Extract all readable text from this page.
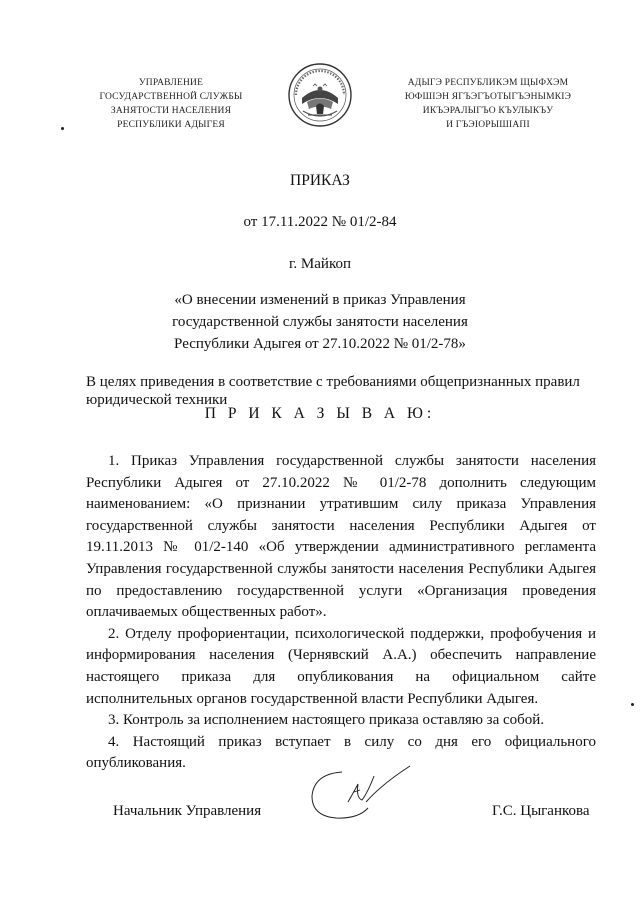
УПРАВЛЕНИЕ
ГОСУДАРСТВЕННОЙ СЛУЖБЫ
ЗАНЯТОСТИ НАСЕЛЕНИЯ
РЕСПУБЛИКИ АДЫГЕЯ
АДЫГЭ РЕСПУБЛИКЭМ ЩЫФХЭМ
ЮФШІЭН ЯГЪЭГЪОТЫГЪЭНЫМКІЭ
ИКЪЭРАЛЫГЪО КЪУЛЫКЪУ
И ГЪЭІОРЫШІАПІ
ПРИКАЗ
от 17.11.2022 № 01/2-84
г. Майкоп
«О внесении изменений в приказ Управления
государственной службы занятости населения
Республики Адыгея от 27.10.2022 № 01/2-78»
В целях приведения в соответствие с требованиями общепризнанных правил юридической техники
П Р И К А З Ы В А Ю:

1. Приказ Управления государственной службы занятости населения Республики Адыгея от 27.10.2022 № 01/2-78 дополнить следующим наименованием: «О признании утратившим силу приказа Управления государственной службы занятости населения Республики Адыгея от 19.11.2013 № 01/2-140 «Об утверждении административного регламента Управления государственной службы занятости населения Республики Адыгея по предоставлению государственной услуги «Организация проведения оплачиваемых общественных работ».

2. Отделу профориентации, психологической поддержки, профобучения и информирования населения (Чернявский А.А.) обеспечить направление настоящего приказа для опубликования на официальном сайте исполнительных органов государственной власти Республики Адыгея.

3. Контроль за исполнением настоящего приказа оставляю за собой.

4. Настоящий приказ вступает в силу со дня его официального опубликования.

Начальник Управления	Г.С. Цыганкова
